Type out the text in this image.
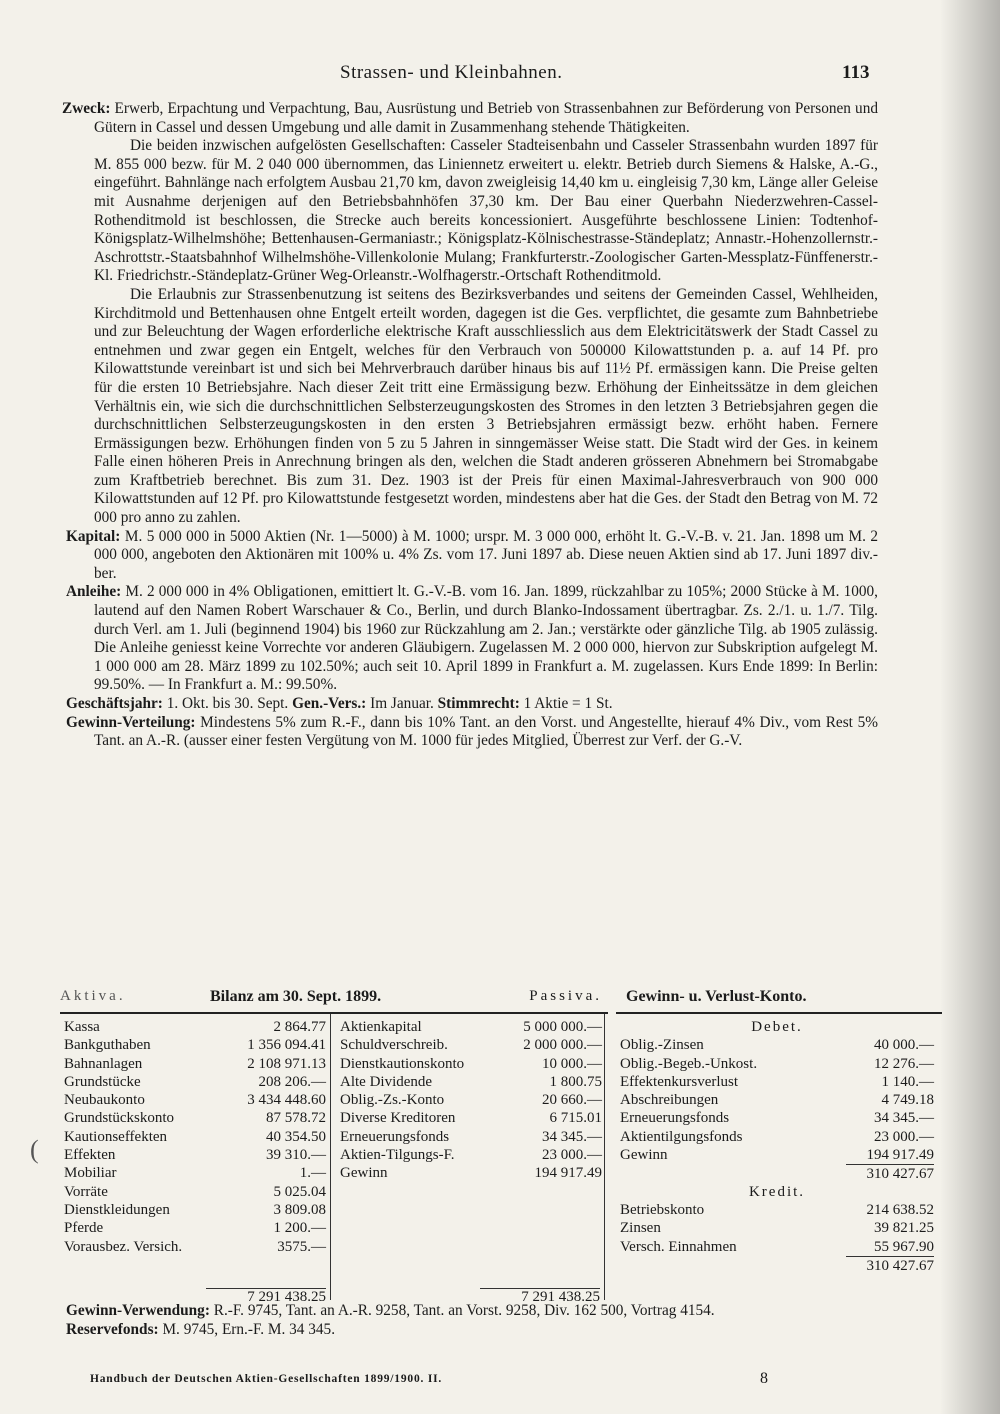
(
Strassen- und Kleinbahnen.	113

Zweck: Erwerb, Erpachtung und Verpachtung, Bau, Ausrüstung und Betrieb von Strassenbahnen zur Beförderung von Personen und Gütern in Cassel und dessen Umgebung und alle damit in Zusammenhang stehende Thätigkeiten.

Die beiden inzwischen aufgelösten Gesellschaften: Casseler Stadteisenbahn und Casseler Strassenbahn wurden 1897 für M. 855 000 bezw. für M. 2 040 000 übernommen, das Liniennetz erweitert u. elektr. Betrieb durch Siemens & Halske, A.-G., eingeführt. Bahnlänge nach erfolgtem Ausbau 21,70 km, davon zweigleisig 14,40 km u. eingleisig 7,30 km, Länge aller Geleise mit Ausnahme derjenigen auf den Betriebsbahnhöfen 37,30 km. Der Bau einer Querbahn Niederzwehren-Cassel-Rothenditmold ist beschlossen, die Strecke auch bereits koncessioniert. Ausgeführte beschlossene Linien: Todtenhof-Königsplatz-Wilhelmshöhe; Bettenhausen-Germaniastr.; Königsplatz-Kölnischestrasse-Ständeplatz; Annastr.-Hohenzollernstr.-Aschrottstr.-Staatsbahnhof Wilhelmshöhe-Villenkolonie Mulang; Frankfurterstr.-Zoologischer Garten-Messplatz-Fünffenerstr.-Kl. Friedrichstr.-Ständeplatz-Grüner Weg-Orleanstr.-Wolfhagerstr.-Ortschaft Rothenditmold.

Die Erlaubnis zur Strassenbenutzung ist seitens des Bezirksverbandes und seitens der Gemeinden Cassel, Wehlheiden, Kirchditmold und Bettenhausen ohne Entgelt erteilt worden, dagegen ist die Ges. verpflichtet, die gesamte zum Bahnbetriebe und zur Beleuchtung der Wagen erforderliche elektrische Kraft ausschliesslich aus dem Elektricitätswerk der Stadt Cassel zu entnehmen und zwar gegen ein Entgelt, welches für den Verbrauch von 500000 Kilowattstunden p. a. auf 14 Pf. pro Kilowattstunde vereinbart ist und sich bei Mehrverbrauch darüber hinaus bis auf 11½ Pf. ermässigen kann. Die Preise gelten für die ersten 10 Betriebsjahre. Nach dieser Zeit tritt eine Ermässigung bezw. Erhöhung der Einheitssätze in dem gleichen Verhältnis ein, wie sich die durchschnittlichen Selbsterzeugungskosten des Stromes in den letzten 3 Betriebsjahren gegen die durchschnittlichen Selbsterzeugungskosten in den ersten 3 Betriebsjahren ermässigt bezw. erhöht haben. Fernere Ermässigungen bezw. Erhöhungen finden von 5 zu 5 Jahren in sinngemässer Weise statt. Die Stadt wird der Ges. in keinem Falle einen höheren Preis in Anrechnung bringen als den, welchen die Stadt anderen grösseren Abnehmern bei Stromabgabe zum Kraftbetrieb berechnet. Bis zum 31. Dez. 1903 ist der Preis für einen Maximal-Jahresverbrauch von 900 000 Kilowattstunden auf 12 Pf. pro Kilowattstunde festgesetzt worden, mindestens aber hat die Ges. der Stadt den Betrag von M. 72 000 pro anno zu zahlen.

Kapital: M. 5 000 000 in 5000 Aktien (Nr. 1—5000) à M. 1000; urspr. M. 3 000 000, erhöht lt. G.-V.-B. v. 21. Jan. 1898 um M. 2 000 000, angeboten den Aktionären mit 100% u. 4% Zs. vom 17. Juni 1897 ab. Diese neuen Aktien sind ab 17. Juni 1897 div.-ber.

Anleihe: M. 2 000 000 in 4% Obligationen, emittiert lt. G.-V.-B. vom 16. Jan. 1899, rückzahlbar zu 105%; 2000 Stücke à M. 1000, lautend auf den Namen Robert Warschauer & Co., Berlin, und durch Blanko-Indossament übertragbar. Zs. 2./1. u. 1./7. Tilg. durch Verl. am 1. Juli (beginnend 1904) bis 1960 zur Rückzahlung am 2. Jan.; verstärkte oder gänzliche Tilg. ab 1905 zulässig. Die Anleihe geniesst keine Vorrechte vor anderen Gläubigern. Zugelassen M. 2 000 000, hiervon zur Subskription aufgelegt M. 1 000 000 am 28. März 1899 zu 102.50%; auch seit 10. April 1899 in Frankfurt a. M. zugelassen. Kurs Ende 1899: In Berlin: 99.50%. — In Frankfurt a. M.: 99.50%.

Geschäftsjahr: 1. Okt. bis 30. Sept. Gen.-Vers.: Im Januar. Stimmrecht: 1 Aktie = 1 St.

Gewinn-Verteilung: Mindestens 5% zum R.-F., dann bis 10% Tant. an den Vorst. und Angestellte, hierauf 4% Div., vom Rest 5% Tant. an A.-R. (ausser einer festen Vergütung von M. 1000 für jedes Mitglied, Überrest zur Verf. der G.-V.

Aktiva.	Bilanz am 30. Sept. 1899.	Passiva.
Kassa	2 864.77
Bankguthaben	1 356 094.41
Bahnanlagen	2 108 971.13
Grundstücke	208 206.—
Neubaukonto	3 434 448.60
Grundstückskonto	87 578.72
Kautionseffekten	40 354.50
Effekten	39 310.—
Mobiliar	1.—
Vorräte	5 025.04
Dienstkleidungen	3 809.08
Pferde	1 200.—
Vorausbez. Versich.	3575.—
Aktienkapital	5 000 000.—
Schuldverschreib.	2 000 000.—
Dienstkautionskonto	10 000.—
Alte Dividende	1 800.75
Oblig.-Zs.-Konto	20 660.—
Diverse Kreditoren	6 715.01
Erneuerungsfonds	34 345.—
Aktien-Tilgungs-F.	23 000.—
Gewinn	194 917.49
7 291 438.25	7 291 438.25
Gewinn- u. Verlust-Konto.
Debet.
Oblig.-Zinsen	40 000.—
Oblig.-Begeb.-Unkost.	12 276.—
Effektenkursverlust	1 140.—
Abschreibungen	4 749.18
Erneuerungsfonds	34 345.—
Aktientilgungsfonds	23 000.—
Gewinn	194 917.49
310 427.67
Kredit.
Betriebskonto	214 638.52
Zinsen	39 821.25
Versch. Einnahmen	55 967.90
310 427.67

Gewinn-Verwendung: R.-F. 9745, Tant. an A.-R. 9258, Tant. an Vorst. 9258, Div. 162 500, Vortrag 4154.

Reservefonds: M. 9745, Ern.-F. M. 34 345.

Handbuch der Deutschen Aktien-Gesellschaften 1899/1900. II.	8
